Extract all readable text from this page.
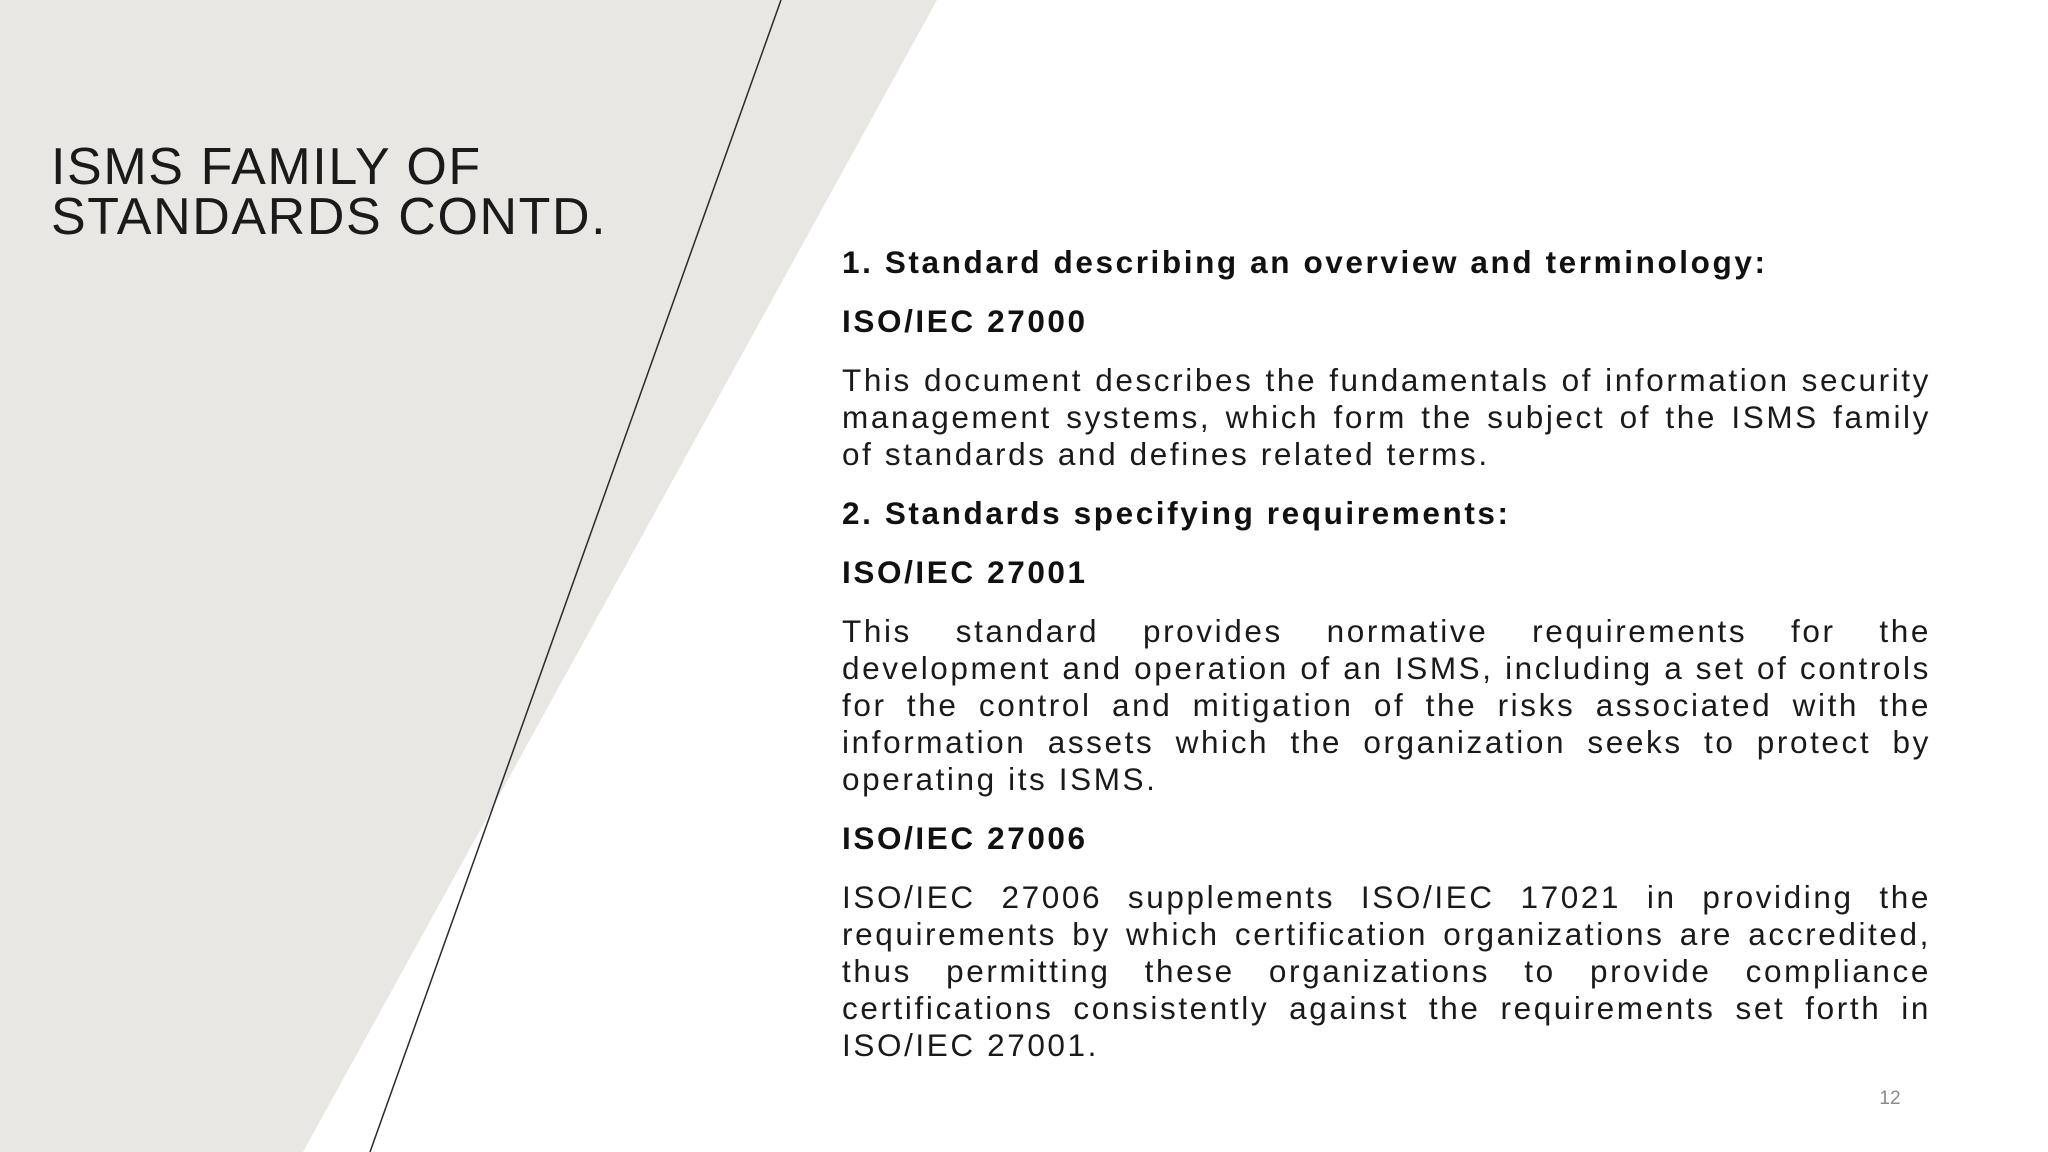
ISMS FAMILY OF
STANDARDS CONTD.

1. Standard describing an overview and terminology:

ISO/IEC 27000

This document describes the fundamentals of information security management systems, which form the subject of the ISMS family of standards and defines related terms.

2. Standards specifying requirements:

ISO/IEC 27001

This standard provides normative requirements for the development and operation of an ISMS, including a set of controls for the control and mitigation of the risks associated with the information assets which the organization seeks to protect by operating its ISMS.

ISO/IEC 27006

ISO/IEC 27006 supplements ISO/IEC 17021 in providing the requirements by which certification organizations are accredited, thus permitting these organizations to provide compliance certifications consistently against the requirements set forth in ISO/IEC 27001.

12
